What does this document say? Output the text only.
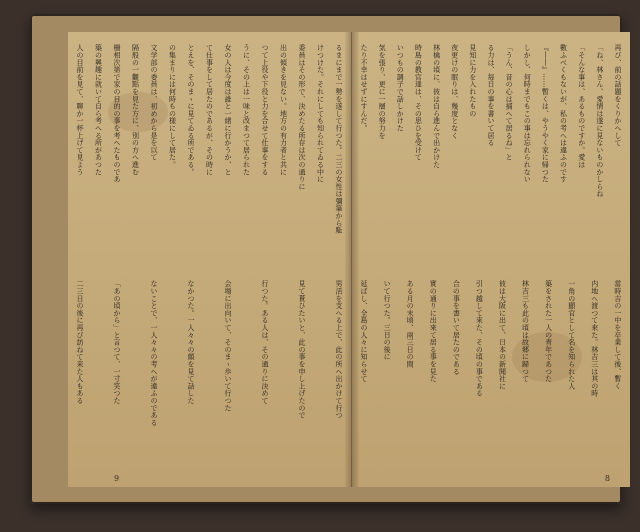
るまにまで一勢を遂して行つた。二三の女性は彌筆から駈
けつけた。それにしても知られてゐる中に
委員はその形で、決めたる所存は次の通りに
出の傾きを見ない。地方の有力者と共に
つて上役や下役と力を合せて仕事をする
うに、その上は一味と改まつて居られた
女の人は今度は誰と一緒に行かうか、と
て仕事をして居たのであるが、その時に
とえを、そのまゝに見てゐる所である。
の集まりには何時もの様にして居た。
文学部の委員は、初めから是を以て
隔般の一觀點を見た方に、別の方へ進む
柵相次第で家の目的の事を考へたものであ
築の興趣に就いて自ら考へる所があつた
人の目前を見て、聊か一杯上げて見よう
男活を支へる上で、此の所へ出かけて行つ
見て貰ひたいと、此の事を申し上げたので
行つた。ある人は、その通りに決めて
会場に出向いて、そのまゝ歩いて行つた
なかつた。一人々々の顔を見て話した
ないことで、一人々々の考へが違ふのである
「あの頃から」と言つて、一寸笑つた
二三日の後に再び訪ねて来た人もある
9
再び、前の話題をくりかへして
「ね、林さん、愛情は遂に見ないものかしらね
「そんな事は、あるものですか。愛は
數ふべくもないが、私の考へは違ふのです
『――』……暫くは、やうやく家に帰つた
しかし、何時までもこの事は忘れられない
「うん、昔の心は捕へて居るね」と
る力は、毎日の事を書いて居る
見知に力を入れたもの
夜更けの眠りは、幾度となく
林檎の頃に、彼は自ら進んで出かけた
時島の教官達は、その思ひを受けて
いつもの調子で話しかけた
気を張り、更に一層の努力を
たり不幸はせずにすんだ。
當時吉の一中を卒業して後、暫く
内地へ渡つて來た。林吉三は其の時
一角の顯官として名を知られた人
築をされた一人の青年であつた
林吉三も此の頃は故郷に歸つて
彼は大阪に出て、日本の新聞社に
引つ越して來た、その頃の事である
合の事を書いて居たのである
實の通りに出來て居る事を見た
ある月の末頃、兩三日の間
いて行つた。三日の後に
延ばし、全島の人々に知らせて
8
